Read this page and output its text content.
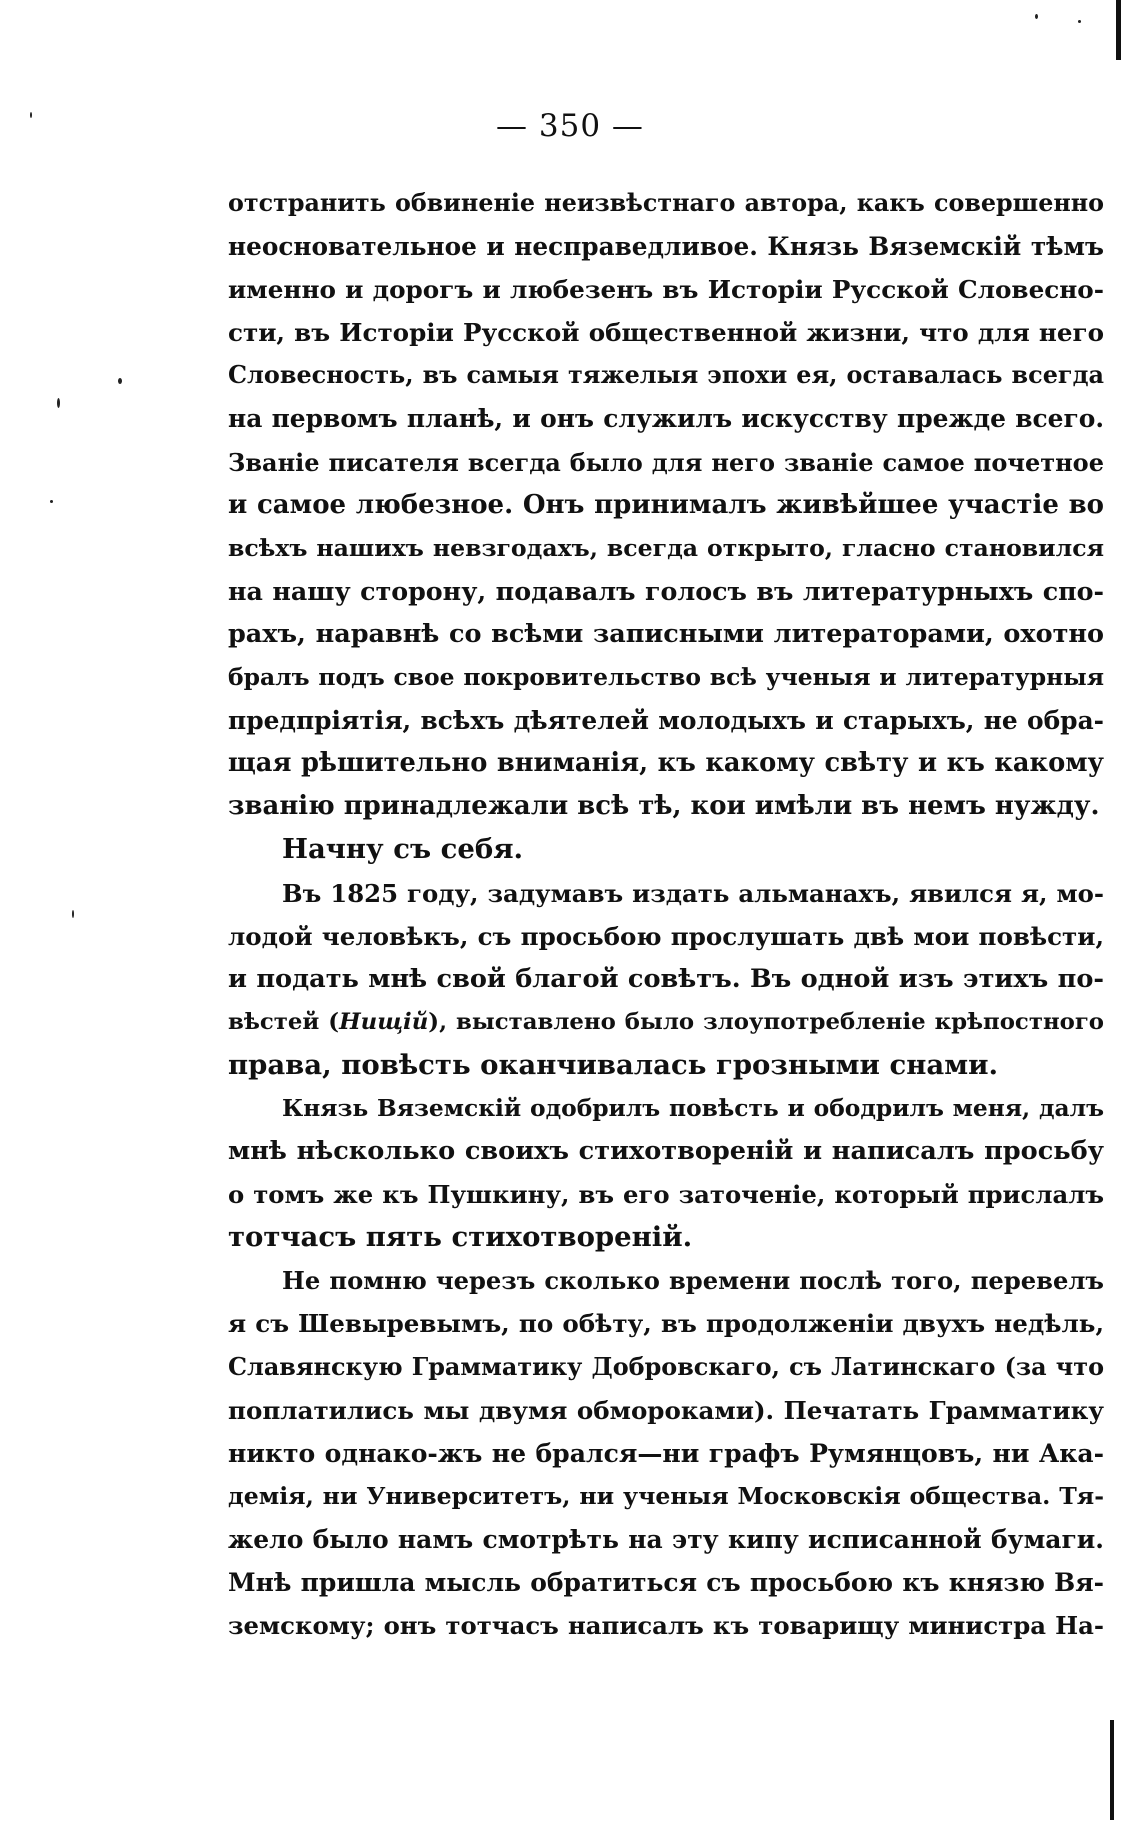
— 350 —
отстранить обвиненіе неизвѣстнаго автора, какъ совершенно
неосновательное и несправедливое. Князь Вяземскій тѣмъ
именно и дорогъ и любезенъ въ Исторіи Русской Словесно-
сти, въ Исторіи Русской общественной жизни, что для него
Словесность, въ самыя тяжелыя эпохи ея, оставалась всегда
на первомъ планѣ, и онъ служилъ искусству прежде всего.
Званіе писателя всегда было для него званіе самое почетное
и самое любезное. Онъ принималъ живѣйшее участіе во
всѣхъ нашихъ невзгодахъ, всегда открыто, гласно становился
на нашу сторону, подавалъ голосъ въ литературныхъ спо-
рахъ, наравнѣ со всѣми записными литераторами, охотно
бралъ подъ свое покровительство всѣ ученыя и литературныя
предпріятія, всѣхъ дѣятелей молодыхъ и старыхъ, не обра-
щая рѣшительно вниманія, къ какому свѣту и къ какому
званію принадлежали всѣ тѣ, кои имѣли въ немъ нужду.
Начну съ себя.
Въ 1825 году, задумавъ издать альманахъ, явился я, мо-
лодой человѣкъ, съ просьбою прослушать двѣ мои повѣсти,
и подать мнѣ свой благой совѣтъ. Въ одной изъ этихъ по-
вѣстей (Нищій), выставлено было злоупотребленіе крѣпостного
права, повѣсть оканчивалась грозными снами.
Князь Вяземскій одобрилъ повѣсть и ободрилъ меня, далъ
мнѣ нѣсколько своихъ стихотвореній и написалъ просьбу
о томъ же къ Пушкину, въ его заточеніе, который прислалъ
тотчасъ пять стихотвореній.
Не помню черезъ сколько времени послѣ того, перевелъ
я съ Шевыревымъ, по обѣту, въ продолженіи двухъ недѣль,
Славянскую Грамматику Добровскаго, съ Латинскаго (за что
поплатились мы двумя обмороками). Печатать Грамматику
никто однако-жъ не брался—ни графъ Румянцовъ, ни Ака-
демія, ни Университетъ, ни ученыя Московскія общества. Тя-
жело было намъ смотрѣть на эту кипу исписанной бумаги.
Мнѣ пришла мысль обратиться съ просьбою къ князю Вя-
земскому; онъ тотчасъ написалъ къ товарищу министра На-
